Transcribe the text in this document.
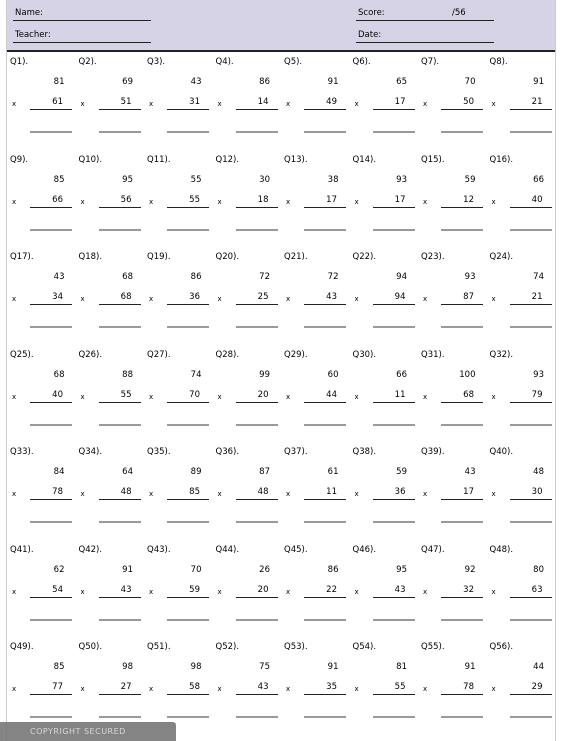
Name:
Teacher:
Score:	/56
Date:
Q1).
81
x	61
Q2).
69
x	51
Q3).
43
x	31
Q4).
86
x	14
Q5).
91
x	49
Q6).
65
x	17
Q7).
70
x	50
Q8).
91
x	21
Q9).
85
x	66
Q10).
95
x	56
Q11).
55
x	55
Q12).
30
x	18
Q13).
38
x	17
Q14).
93
x	17
Q15).
59
x	12
Q16).
66
x	40
Q17).
43
x	34
Q18).
68
x	68
Q19).
86
x	36
Q20).
72
x	25
Q21).
72
x	43
Q22).
94
x	94
Q23).
93
x	87
Q24).
74
x	21
Q25).
68
x	40
Q26).
88
x	55
Q27).
74
x	70
Q28).
99
x	20
Q29).
60
x	44
Q30).
66
x	11
Q31).
100
x	68
Q32).
93
x	79
Q33).
84
x	78
Q34).
64
x	48
Q35).
89
x	85
Q36).
87
x	48
Q37).
61
x	11
Q38).
59
x	36
Q39).
43
x	17
Q40).
48
x	30
Q41).
62
x	54
Q42).
91
x	43
Q43).
70
x	59
Q44).
26
x	20
Q45).
86
x	22
Q46).
95
x	43
Q47).
92
x	32
Q48).
80
x	63
Q49).
85
x	77
Q50).
98
x	27
Q51).
98
x	58
Q52).
75
x	43
Q53).
91
x	35
Q54).
81
x	55
Q55).
91
x	78
Q56).
44
x	29
COPYRIGHT SECURED
